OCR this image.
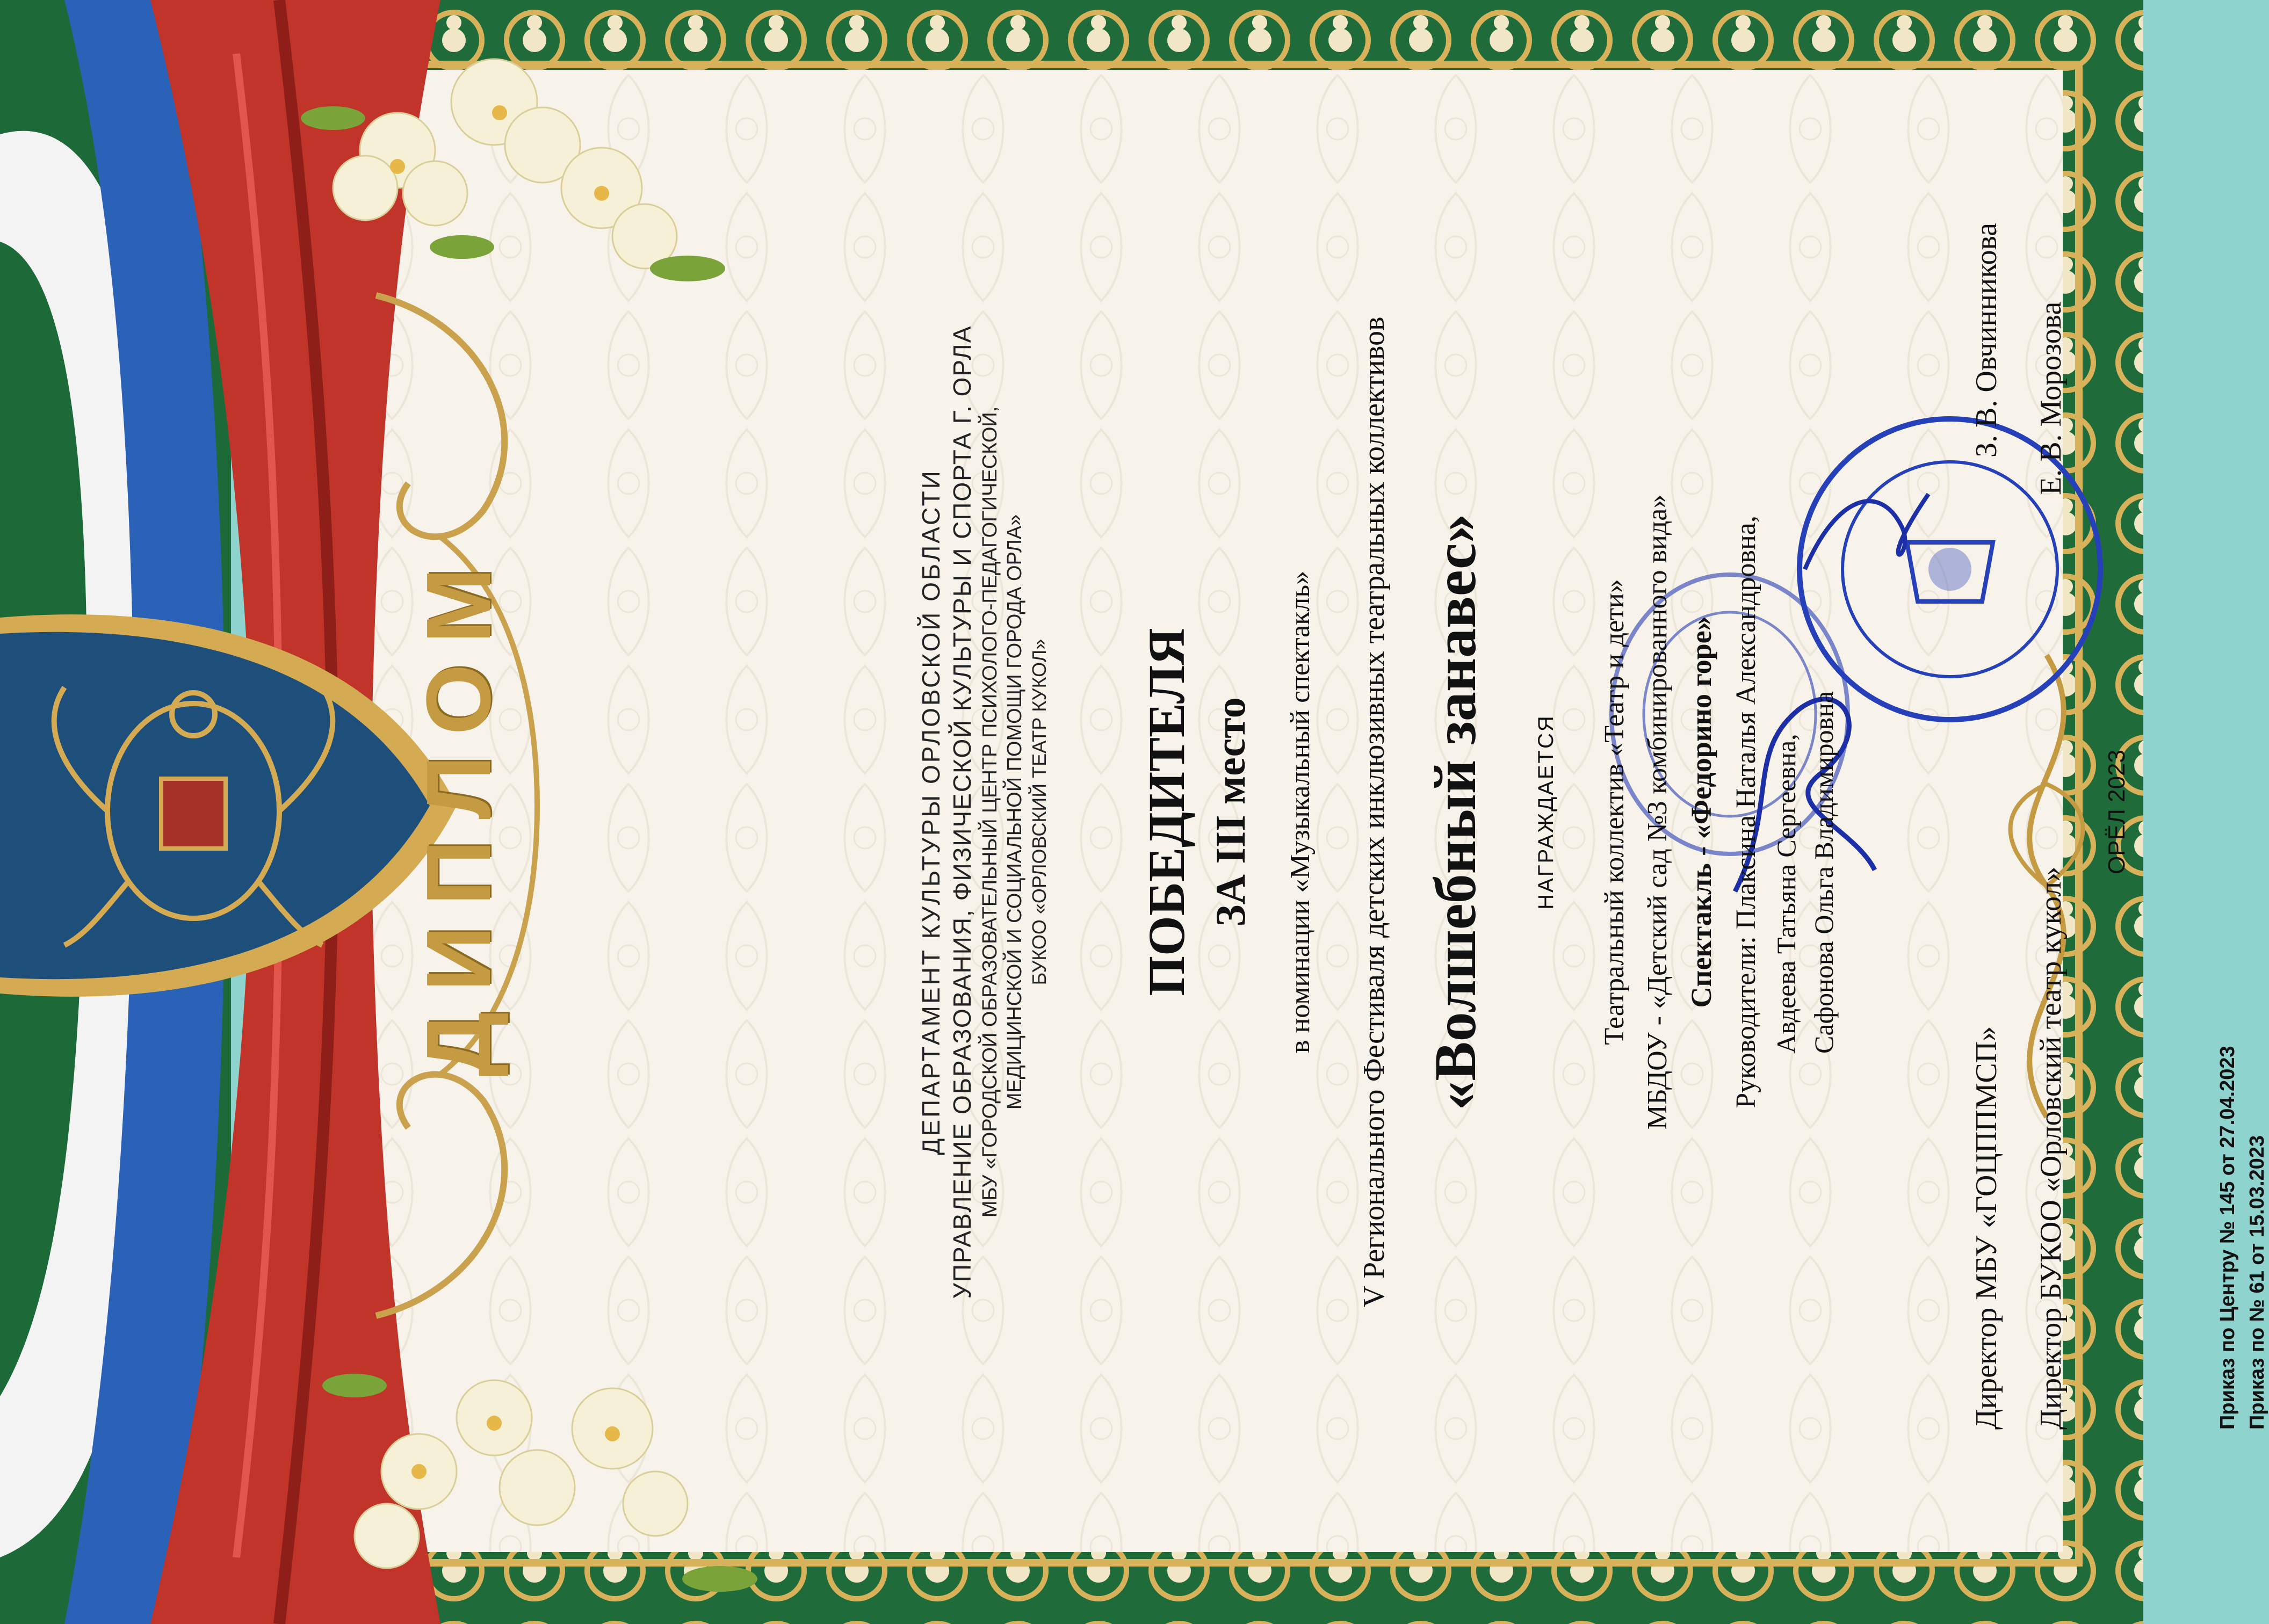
ДИПЛОМ	ДЕПАРТАМЕНТ КУЛЬТУРЫ ОРЛОВСКОЙ ОБЛАСТИ УПРАВЛЕНИЕ ОБРАЗОВАНИЯ, ФИЗИЧЕСКОЙ КУЛЬТУРЫ И СПОРТА Г. ОРЛА МБУ «ГОРОДСКОЙ ОБРАЗОВАТЕЛЬНЫЙ ЦЕНТР ПСИХОЛОГО-ПЕДАГОГИЧЕСКОЙ, МЕДИЦИНСКОЙ И СОЦИАЛЬНОЙ ПОМОЩИ ГОРОДА ОРЛА» БУКОО «ОРЛОВСКИЙ ТЕАТР КУКОЛ» ПОБЕДИТЕЛЯ ЗА III место в номинации «Музыкальный спектакль» V Регионального Фестиваля детских инклюзивных театральных коллективов «Волшебный занавес» НАГРАЖДАЕТСЯ Театральный коллектив «Театр и дети» МБДОУ - «Детский сад №3 комбинированного вида» Спектакль - «Федорино горе» Руководители: Плаксина Наталья Александровна, Авдеева Татьяна Сергеевна, Сафонова Ольга Владимировна
Директор МБУ «ГОЦППМСП»
З. В. Овчинникова
Директор БУКОО «Орловский театр кукол»
Е. В. Морозова
ОРЁЛ 2023
Приказ по Центру № 145 от 27.04.2023 Приказ по № 61 от 15.03.2023
